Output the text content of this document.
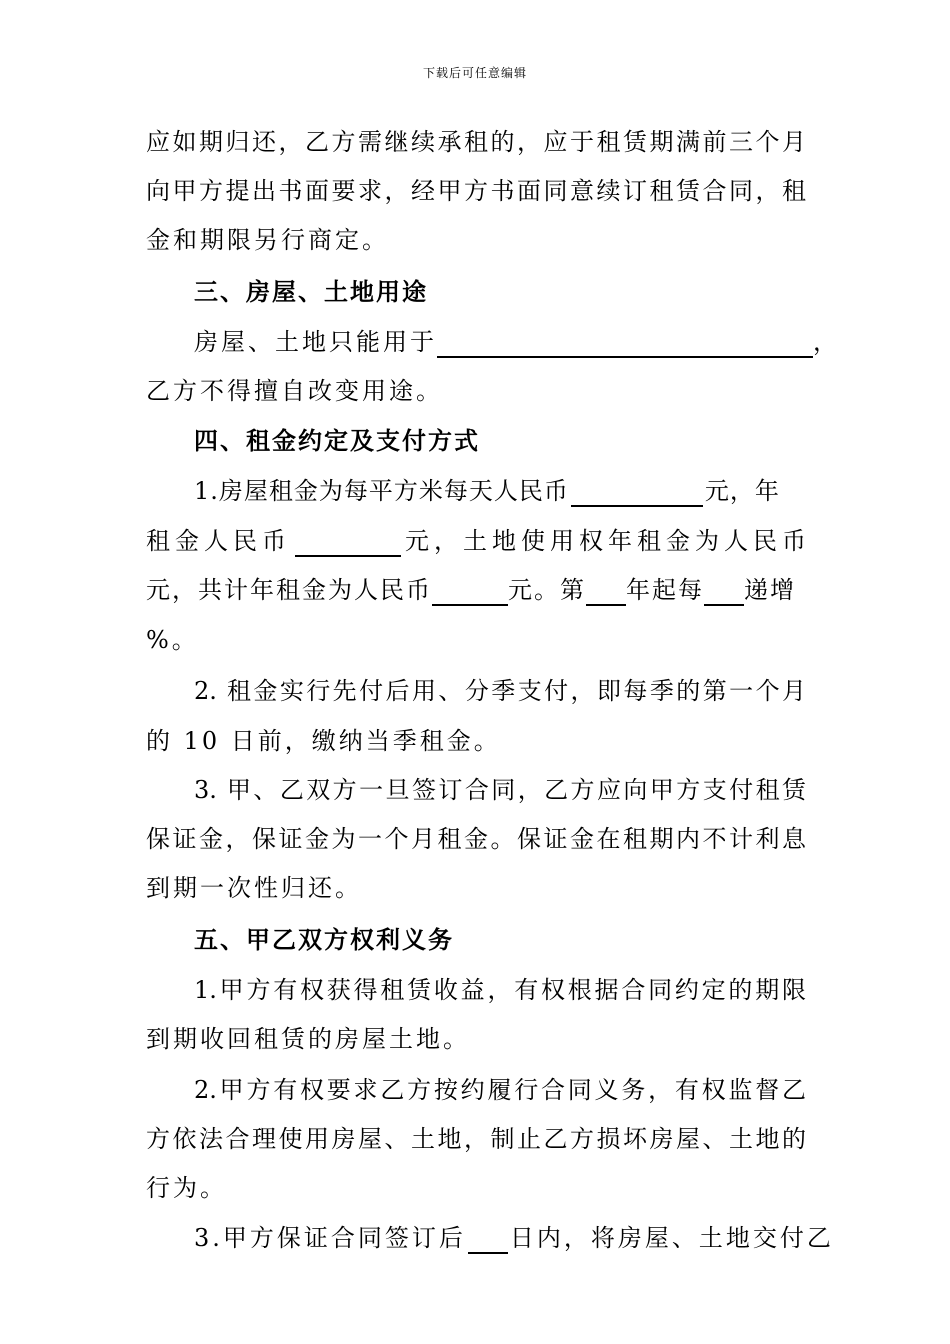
下载后可任意编辑
应如期归还，乙方需继续承租的，应于租赁期满前三个月
向甲方提出书面要求，经甲方书面同意续订租赁合同，租
金和期限另行商定。
三、房屋、土地用途
房屋、土地只能用于	，
乙方不得擅自改变用途。
四、租金约定及支付方式
1.房屋租金为每平方米每天人民币	元，年
租金人民币	元，土地使用权年租金为人民币
元，共计年租金为人民币	元。第 年起每 递增
%。
2. 租金实行先付后用、分季支付，即每季的第一个月
的 10 日前，缴纳当季租金。
3. 甲、乙双方一旦签订合同，乙方应向甲方支付租赁
保证金，保证金为一个月租金。保证金在租期内不计利息
到期一次性归还。
五、甲乙双方权利义务
1.甲方有权获得租赁收益，有权根据合同约定的期限
到期收回租赁的房屋土地。
2.甲方有权要求乙方按约履行合同义务，有权监督乙
方依法合理使用房屋、土地，制止乙方损坏房屋、土地的
行为。
3.甲方保证合同签订后 日内，将房屋、土地交付乙
